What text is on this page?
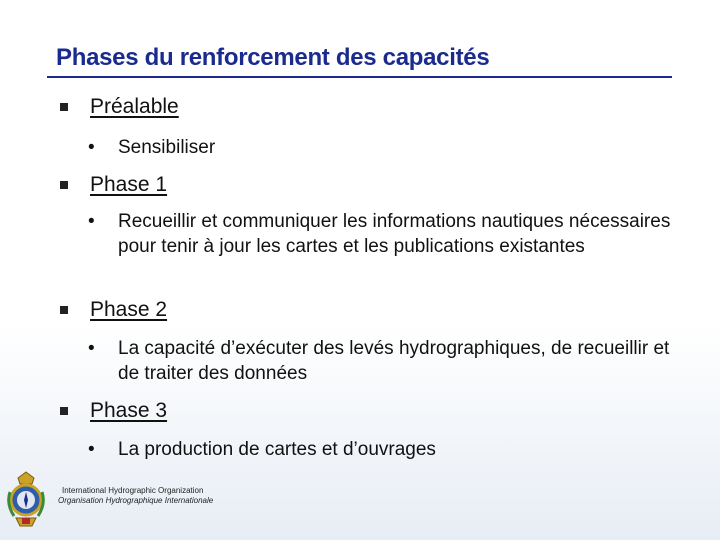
Phases du renforcement des capacités
Préalable
• Sensibiliser
Phase 1
• Recueillir et communiquer les informations nautiques nécessaires pour tenir à jour les cartes et les publications existantes
Phase 2
• La capacité d’exécuter des levés hydrographiques, de recueillir et de traiter des données
Phase 3
• La production de cartes et d’ouvrages
International Hydrographic Organization
Organisation Hydrographique Internationale
